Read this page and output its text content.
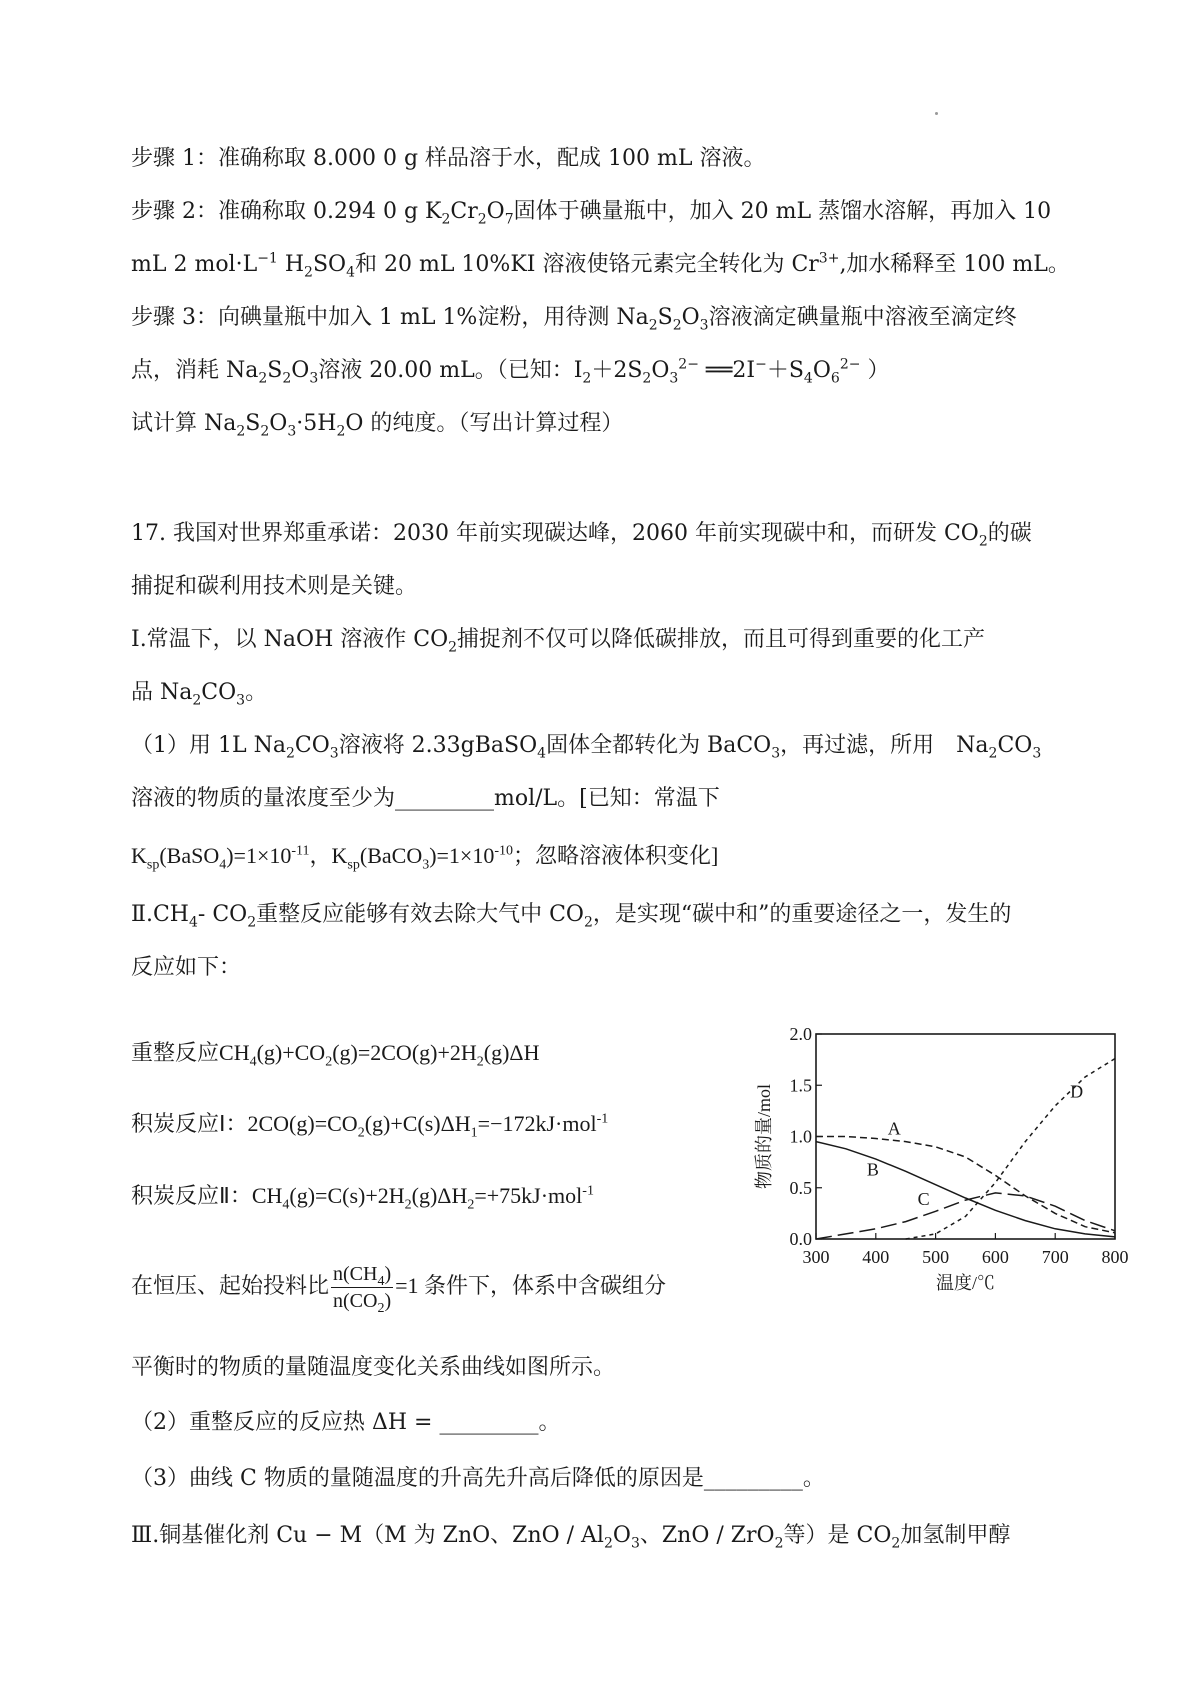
步骤 1：准确称取 8.000 0 g 样品溶于水，配成 100 mL 溶液。
步骤 2：准确称取 0.294 0 g $K_2Cr_2O_7$固体于碘量瓶中，加入 20 mL 蒸馏水溶解，再加入 10
mL 2 $mol\cdot L^{-1}$ $H_2SO_4$和 20 mL 10%KI 溶液使铬元素完全转化为 $Cr^{3+}$,加水稀释至 100 mL。
步骤 3：向碘量瓶中加入 1 mL 1%淀粉，用待测 $Na_2S_2O_3$溶液滴定碘量瓶中溶液至滴定终
点，消耗 $Na_2S_2O_3$溶液 20.00 mL。（已知：$I_2+2S_2O_3^{2-}$ $══2I^-+S_4O_6^{2-}$ ）
试计算 $Na_2S_2O_3\cdot 5H_2O$ 的纯度。（写出计算过程）
17. 我国对世界郑重承诺：2030 年前实现碳达峰，2060 年前实现碳中和，而研发 $CO_2$的碳
捕捉和碳利用技术则是关键。
Ⅰ.常温下，以 NaOH 溶液作 $CO_2$捕捉剂不仅可以降低碳排放，而且可得到重要的化工产
品 $Na_2CO_3$。
（1）用 1L $Na_2CO_3$溶液将 2.33gBaSO$_4$固体全都转化为 BaCO$_3$，再过滤，所用　$Na_2CO_3$
溶液的物质的量浓度至少为_________mol/L。[已知：常温下
$K_{sp}(BaSO_4)=1\times 10^{-11}$，$K_{sp}(BaCO_3)=1\times 10^{-10}$；忽略溶液体积变化]
$Ⅱ.CH_4-$ $CO_2$重整反应能够有效去除大气中 $CO_2$，是实现“碳中和”的重要途径之一，发生的
反应如下：
重整反应$CH_4(g)+CO_2(g)=2CO(g)+2H_2(g)\Delta H$
积炭反应Ⅰ：$2CO(g)=CO_2(g)+C(s)\Delta H_1=-172kJ\cdot mol^{-1}$
积炭反应Ⅱ：$CH_4(g)=C(s)+2H_2(g)\Delta H_2=+75kJ\cdot mol^{-1}$
在恒压、起始投料比 $\frac{n(CH_4)}{n(CO_2)} =1$ 条件下，体系中含碳组分
平衡时的物质的量随温度变化关系曲线如图所示。
（2）重整反应的反应热 ΔH = _________。
（3）曲线 C 物质的量随温度的升高先升高后降低的原因是_________。
Ⅲ.铜基催化剂 Cu − M（M 为 ZnO、ZnO / $Al_2O_3$、ZnO / ZrO$_2$等）是 $CO_2$加氢制甲醇
300 400 500 600 700 800
0.0
0.5
1.0
1.5
2.0
温度/℃
物质的量/mol	A
B
C
D
